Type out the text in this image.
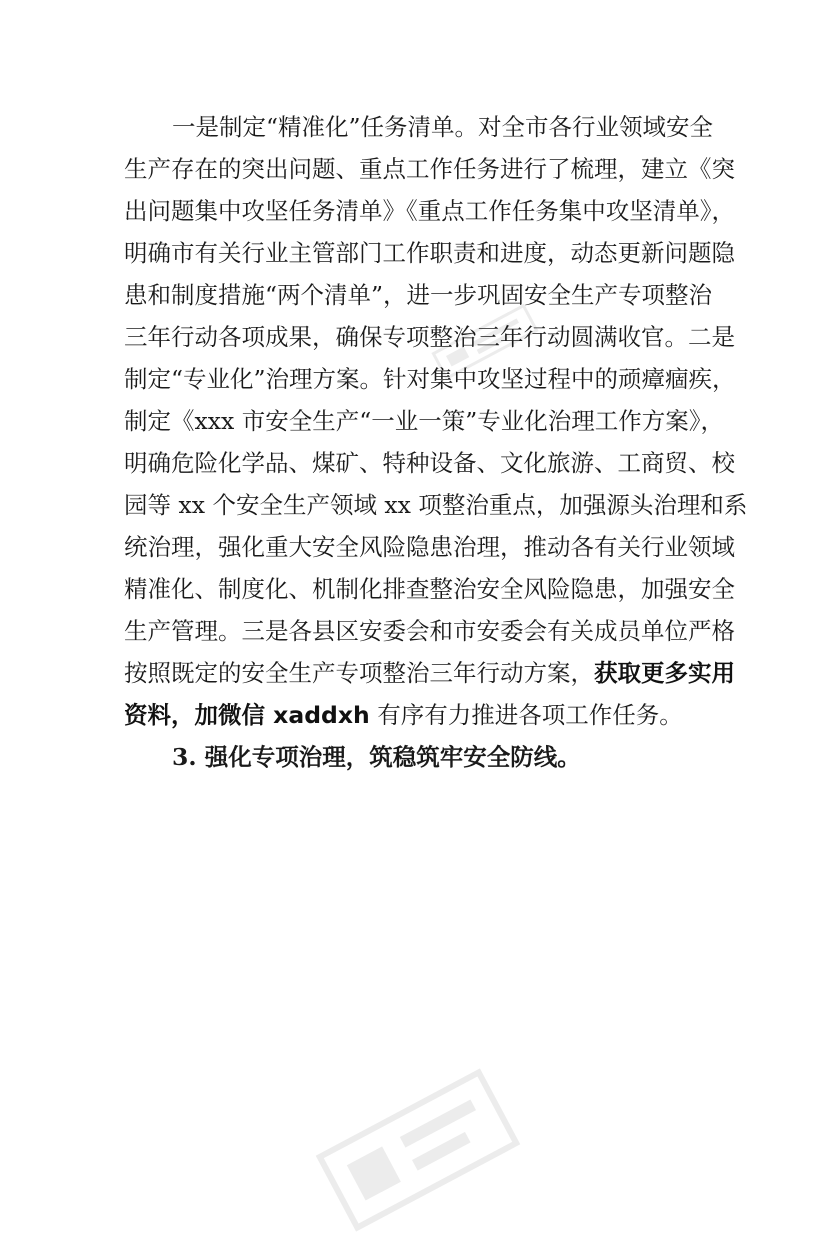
一是制定“精准化”任务清单。对全市各行业领域安全
生产存在的突出问题、重点工作任务进行了梳理，建立《突
出问题集中攻坚任务清单》《重点工作任务集中攻坚清单》，
明确市有关行业主管部门工作职责和进度，动态更新问题隐
患和制度措施“两个清单”，进一步巩固安全生产专项整治
三年行动各项成果，确保专项整治三年行动圆满收官。二是
制定“专业化”治理方案。针对集中攻坚过程中的顽瘴痼疾，
制定《xxx 市安全生产“一业一策”专业化治理工作方案》，
明确危险化学品、煤矿、特种设备、文化旅游、工商贸、校
园等 xx 个安全生产领域 xx 项整治重点，加强源头治理和系
统治理，强化重大安全风险隐患治理，推动各有关行业领域
精准化、制度化、机制化排查整治安全风险隐患，加强安全
生产管理。三是各县区安委会和市安委会有关成员单位严格
按照既定的安全生产专项整治三年行动方案，获取更多实用
资料，加微信 xaddxh 有序有力推进各项工作任务。
3. 强化专项治理，筑稳筑牢安全防线。
